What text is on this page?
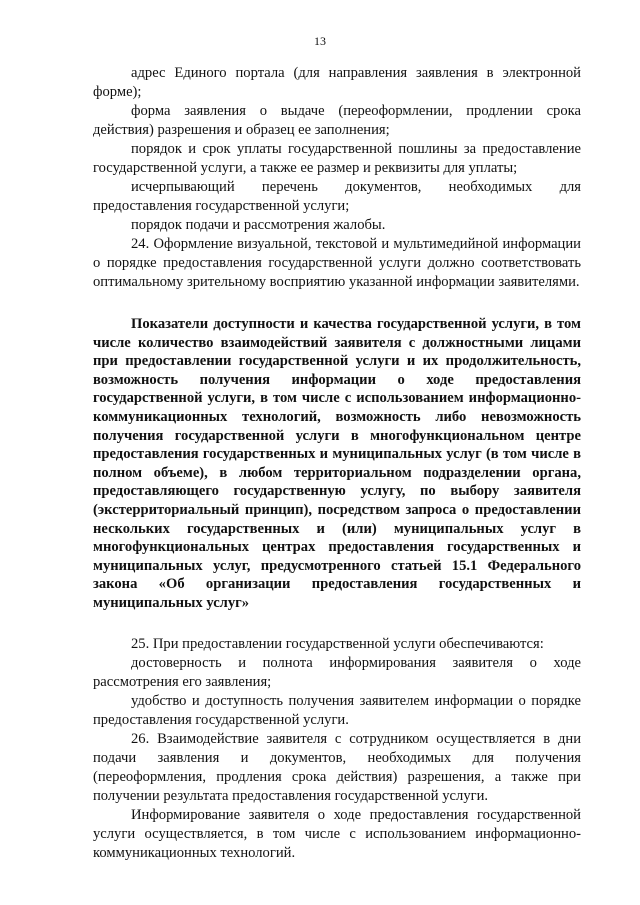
13

адрес Единого портала (для направления заявления в электронной форме);

форма заявления о выдаче (переоформлении, продлении срока действия) разрешения и образец ее заполнения;

порядок и срок уплаты государственной пошлины за предоставление государственной услуги, а также ее размер и реквизиты для уплаты;

исчерпывающий перечень документов, необходимых для предоставления государственной услуги;

порядок подачи и рассмотрения жалобы.

24. Оформление визуальной, текстовой и мультимедийной информации о порядке предоставления государственной услуги должно соответствовать оптимальному зрительному восприятию указанной информации заявителями.

Показатели доступности и качества государственной услуги, в том числе количество взаимодействий заявителя с должностными лицами при предоставлении государственной услуги и их продолжительность, возможность получения информации о ходе предоставления государственной услуги, в том числе с использованием информационно-коммуникационных технологий, возможность либо невозможность получения государственной услуги в многофункциональном центре предоставления государственных и муниципальных услуг (в том числе в полном объеме), в любом территориальном подразделении органа, предоставляющего государственную услугу, по выбору заявителя (экстерриториальный принцип), посредством запроса о предоставлении нескольких государственных и (или) муниципальных услуг в многофункциональных центрах предоставления государственных и муниципальных услуг, предусмотренного статьей 15.1 Федерального закона «Об организации предоставления государственных и муниципальных услуг»

25. При предоставлении государственной услуги обеспечиваются:

достоверность и полнота информирования заявителя о ходе рассмотрения его заявления;

удобство и доступность получения заявителем информации о порядке предоставления государственной услуги.

26. Взаимодействие заявителя с сотрудником осуществляется в дни подачи заявления и документов, необходимых для получения (переоформления, продления срока действия) разрешения, а также при получении результата предоставления государственной услуги.

Информирование заявителя о ходе предоставления государственной услуги осуществляется, в том числе с использованием информационно-коммуникационных технологий.
